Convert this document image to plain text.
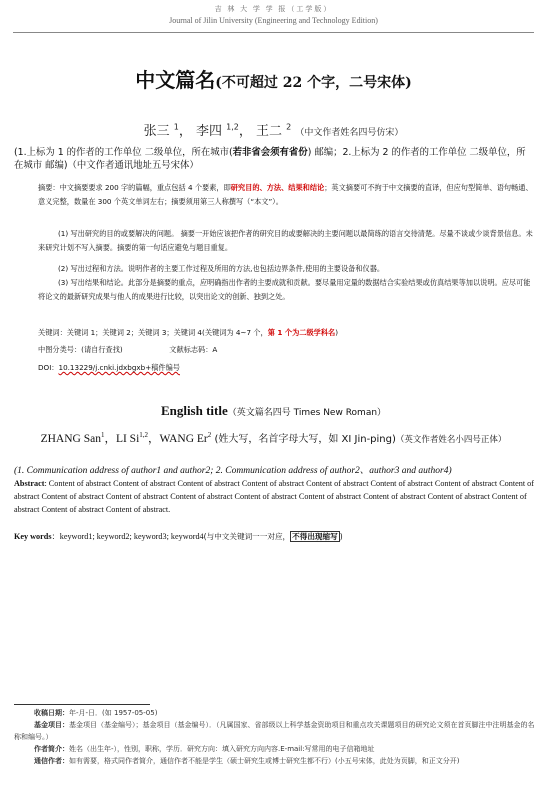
吉 林 大 学 学 报（工学版）
Journal of Jilin University (Engineering and Technology Edition)
中文篇名(不可超过 22 个字，二号宋体)
张三 $^1$， 李四 $^{1,2}$， 王二 $^2$ （中文作者姓名四号仿宋）
(1.上标为 1 的作者的工作单位 二级单位，所在城市(若非省会须有省份) 邮编；2.上标为 2 的作者的工作单位 二级单位，所在城市 邮编)（中文作者通讯地址五号宋体）
摘要：中文摘要要求 200 字的篇幅，重点包括 4 个要素，即研究目的、方法、结果和结论；英文摘要可不拘于中文摘要的直译，但应句型简单、语句畅通、意义完整，数量在 300 个英文单词左右；摘要须用第三人称撰写（“本文”）。
(1) 写出研究的目的或要解决的问题。 摘要一开始应该把作者的研究目的或要解决的主要问题以最简练的语言交待清楚。尽量不谈或少谈背景信息。未来研究计划不写入摘要。摘要的第一句话应避免与题目重复。
(2) 写出过程和方法。说明作者的主要工作过程及所用的方法,也包括边界条件,使用的主要设备和仪器。
(3) 写出结果和结论。此部分是摘要的重点，应明确指出作者的主要成就和贡献。要尽量用定量的数据结合实验结果或仿真结果等加以说明。应尽可能将论文的最新研究成果与他人的成果进行比较，以突出论文的创新、独到之处。
关键词：关键词 1；关键词 2；关键词 3；关键词 4(关键词为 4~7 个，第 1 个为二级学科名)
中图分类号：(请自行查找)	文献标志码：A
DOI：10.13229/j.cnki.jdxbgxb+稿件编号
English title（英文篇名四号 Times New Roman）
ZHANG San$^1$，LI Si$^{1,2}$，WANG Er$^2$ (姓大写，名首字母大写，如 XI Jin-ping)（英文作者姓名小四号正体）
(1. Communication address of author1 and author2; 2. Communication address of author2、author3 and author4)
Abstract: Content of abstract Content of abstract Content of abstract Content of abstract Content of abstract Content of abstract Content of abstract Content of abstract Content of abstract Content of abstract Content of abstract Content of abstract Content of abstract Content of abstract Content of abstract Content of abstract Content of abstract Content of abstract.
Key words：keyword1; keyword2; keyword3; keyword4(与中文关键词一一对应， 不得出现缩写 )
收稿日期：年-月-日．(如 1957-05-05)
基金项目：基金项目（基金编号）；基金项目（基金编号）．（凡属国家、省部级以上科学基金资助项目和重点攻关课题项目的研究论文须在首页脚注中注明基金的名称和编号。）
作者简介：姓名（出生年-），性别，职称，学历．研究方向：填入研究方向内容.E-mail:写常用的电子信箱地址
通信作者：如有需要，格式同作者简介，通信作者不能是学生（硕士研究生或博士研究生都不行）(小五号宋体，此处为页脚，和正文分开)
